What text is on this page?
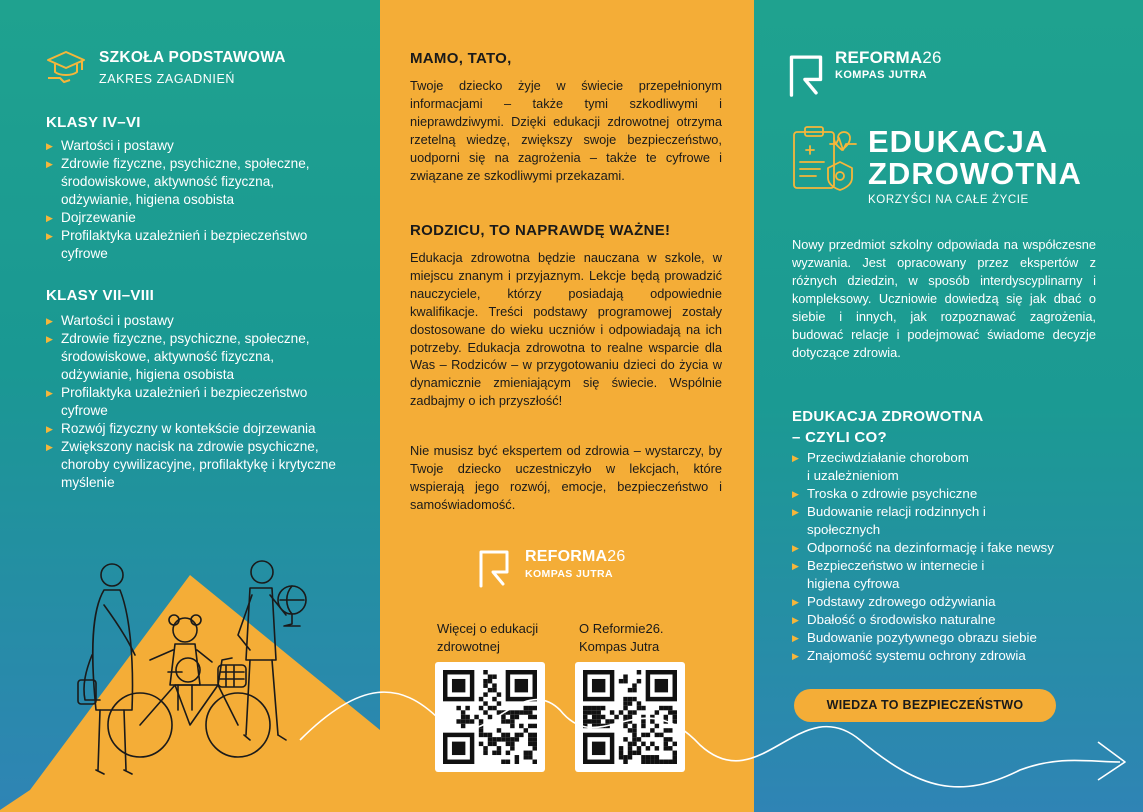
SZKOŁA PODSTAWOWA
ZAKRES ZAGADNIEŃ
KLASY IV–VI
▶ Wartości i postawy
▶ Zdrowie fizyczne, psychiczne, społeczne, środowiskowe, aktywność fizyczna, odżywianie, higiena osobista
▶ Dojrzewanie
▶ Profilaktyka uzależnień i bezpieczeństwo cyfrowe
KLASY VII–VIII
▶ Wartości i postawy
▶ Zdrowie fizyczne, psychiczne, społeczne, środowiskowe, aktywność fizyczna, odżywianie, higiena osobista
▶ Profilaktyka uzależnień i bezpieczeństwo cyfrowe
▶ Rozwój fizyczny w kontekście dojrzewania
▶ Zwiększony nacisk na zdrowie psychiczne, choroby cywilizacyjne, profilaktykę i krytyczne myślenie
MAMO, TATO,

Twoje dziecko żyje w świecie przepełnionym informacjami – także tymi szkodliwymi i nieprawdziwymi. Dzięki edukacji zdrowotnej otrzyma rzetelną wiedzę, zwiększy swoje bezpieczeństwo, uodporni się na zagrożenia – także te cyfrowe i związane ze szkodliwymi przekazami.

RODZICU, TO NAPRAWDĘ WAŻNE!

Edukacja zdrowotna będzie nauczana w szkole, w miejscu znanym i przyjaznym. Lekcje będą prowadzić nauczyciele, którzy posiadają odpowiednie kwalifikacje. Treści podstawy programowej zostały dostosowane do wieku uczniów i odpowiadają na ich potrzeby. Edukacja zdrowotna to realne wsparcie dla Was – Rodziców – w przygotowaniu dzieci do życia w dynamicznie zmieniającym się świecie. Wspólnie zadbajmy o ich przyszłość!

Nie musisz być ekspertem od zdrowia – wystarczy, by Twoje dziecko uczestniczyło w lekcjach, które wspierają jego rozwój, emocje, bezpieczeństwo i samoświadomość.

REFORMA26
KOMPAS JUTRA
Więcej o edukacji
zdrowotnej
O Reformie26.
Kompas Jutra
REFORMA26
KOMPAS JUTRA
EDUKACJA
ZDROWOTNA
KORZYŚCI NA CAŁE ŻYCIE

Nowy przedmiot szkolny odpowiada na współczesne wyzwania. Jest opracowany przez ekspertów z różnych dziedzin, w sposób interdyscyplinarny i kompleksowy. Uczniowie dowiedzą się jak dbać o siebie i innych, jak rozpoznawać zagrożenia, budować relacje i podejmować świadome decyzje dotyczące zdrowia.

EDUKACJA ZDROWOTNA
– CZYLI CO?
▶ Przeciwdziałanie chorobom i uzależnieniom
▶ Troska o zdrowie psychiczne
▶ Budowanie relacji rodzinnych i społecznych
▶ Odporność na dezinformację i fake newsy
▶ Bezpieczeństwo w internecie i higiena cyfrowa
▶ Podstawy zdrowego odżywiania
▶ Dbałość o środowisko naturalne
▶ Budowanie pozytywnego obrazu siebie
▶ Znajomość systemu ochrony zdrowia
WIEDZA TO BEZPIECZEŃSTWO
